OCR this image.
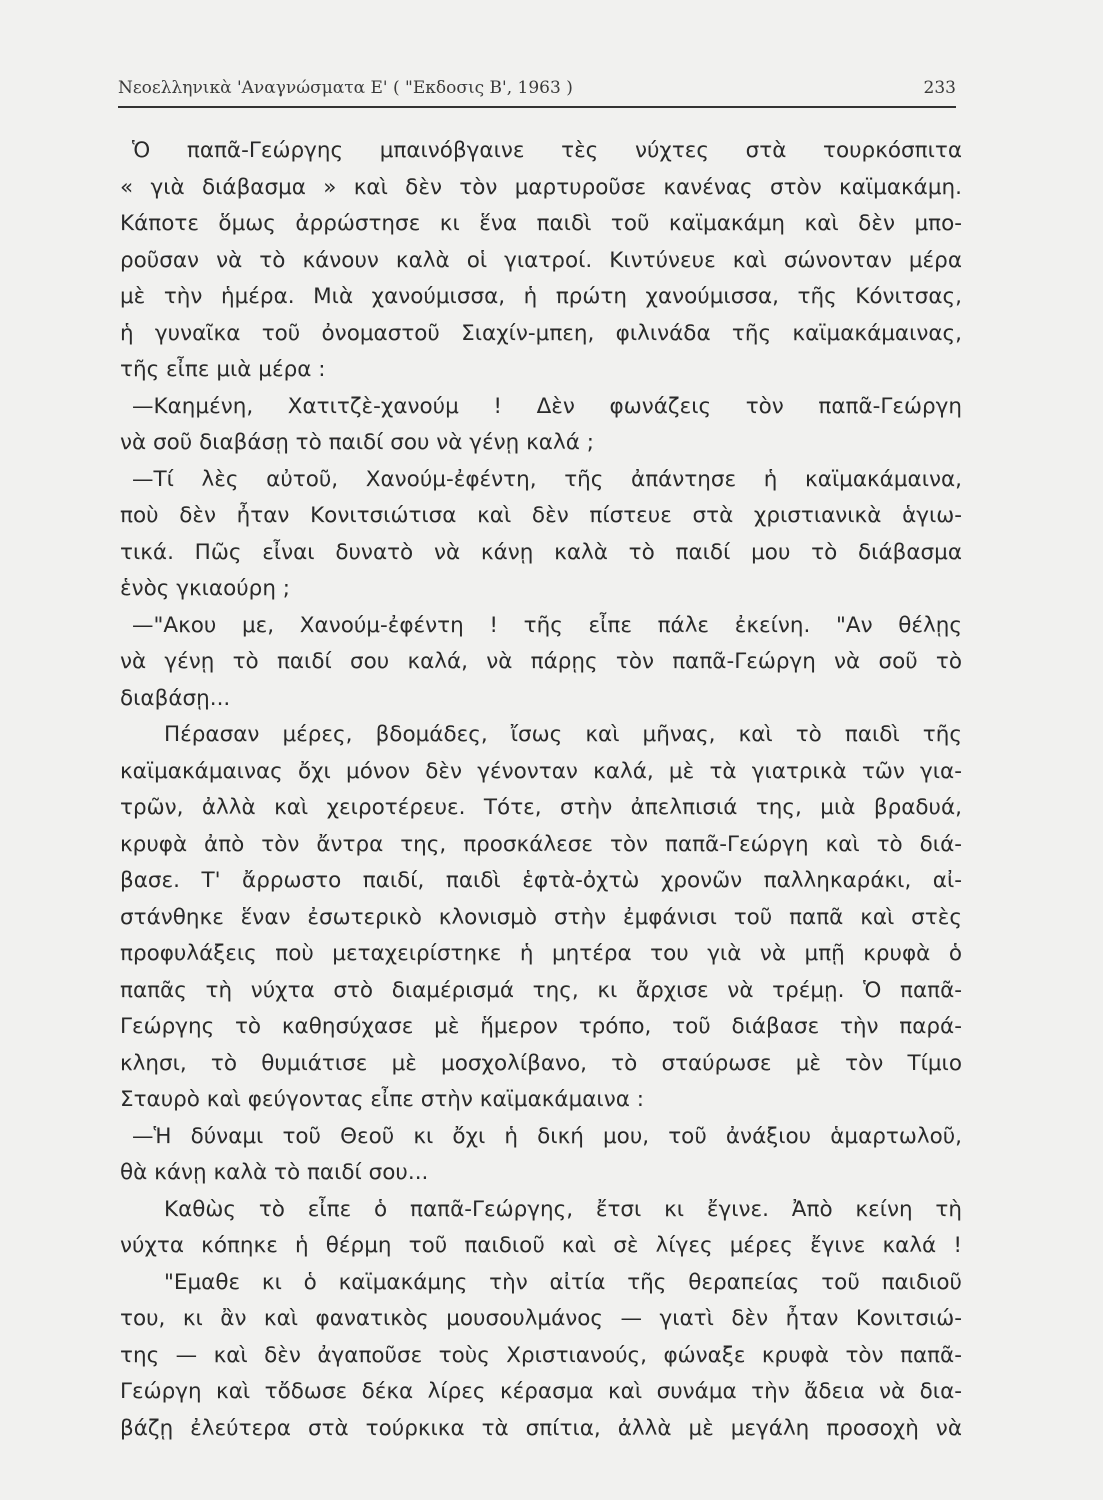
Νεοελληνικὰ 'Αναγνώσματα Ε' ( "Εκδοσις Β', 1963 )	233
Ὁ παπᾶ-Γεώργης μπαινόβγαινε τὲς νύχτες στὰ τουρκόσπιτα
« γιὰ διάβασμα » καὶ δὲν τὸν μαρτυροῦσε κανένας στὸν καϊμακάμη.
Κάποτε ὅμως ἀρρώστησε κι ἕνα παιδὶ τοῦ καϊμακάμη καὶ δὲν μπο-
ροῦσαν νὰ τὸ κάνουν καλὰ οἱ γιατροί. Κιντύνευε καὶ σώνονταν μέρα
μὲ τὴν ἡμέρα. Μιὰ χανούμισσα, ἡ πρώτη χανούμισσα, τῆς Κόνιτσας,
ἡ γυναῖκα τοῦ ὀνομαστοῦ Σιαχίν-μπεη, φιλινάδα τῆς καϊμακάμαινας,
τῆς εἶπε μιὰ μέρα :
—Καημένη, Χατιτζὲ-χανούμ ! Δὲν φωνάζεις τὸν παπᾶ-Γεώργη
νὰ σοῦ διαβάσῃ τὸ παιδί σου νὰ γένῃ καλά ;
—Τί λὲς αὐτοῦ, Χανούμ-ἐφέντη, τῆς ἀπάντησε ἡ καϊμακάμαινα,
ποὺ δὲν ἦταν Κονιτσιώτισα καὶ δὲν πίστευε στὰ χριστιανικὰ ἁγιω-
τικά. Πῶς εἶναι δυνατὸ νὰ κάνῃ καλὰ τὸ παιδί μου τὸ διάβασμα
ἑνὸς γκιαούρη ;
—"Ακου με, Χανούμ-ἐφέντη ! τῆς εἶπε πάλε ἐκείνη. "Αν θέλῃς
νὰ γένῃ τὸ παιδί σου καλά, νὰ πάρῃς τὸν παπᾶ-Γεώργη νὰ σοῦ τὸ
διαβάσῃ...
Πέρασαν μέρες, βδομάδες, ἴσως καὶ μῆνας, καὶ τὸ παιδὶ τῆς
καϊμακάμαινας ὄχι μόνον δὲν γένονταν καλά, μὲ τὰ γιατρικὰ τῶν για-
τρῶν, ἀλλὰ καὶ χειροτέρευε. Τότε, στὴν ἀπελπισιά της, μιὰ βραδυά,
κρυφὰ ἀπὸ τὸν ἄντρα της, προσκάλεσε τὸν παπᾶ-Γεώργη καὶ τὸ διά-
βασε. Τ' ἄρρωστο παιδί, παιδὶ ἑφτὰ-ὀχτὼ χρονῶν παλληκαράκι, αἰ-
στάνθηκε ἕναν ἐσωτερικὸ κλονισμὸ στὴν ἐμφάνισι τοῦ παπᾶ καὶ στὲς
προφυλάξεις ποὺ μεταχειρίστηκε ἡ μητέρα του γιὰ νὰ μπῇ κρυφὰ ὁ
παπᾶς τὴ νύχτα στὸ διαμέρισμά της, κι ἄρχισε νὰ τρέμῃ. Ὁ παπᾶ-
Γεώργης τὸ καθησύχασε μὲ ἥμερον τρόπο, τοῦ διάβασε τὴν παρά-
κλησι, τὸ θυμιάτισε μὲ μοσχολίβανο, τὸ σταύρωσε μὲ τὸν Τίμιο
Σταυρὸ καὶ φεύγοντας εἶπε στὴν καϊμακάμαινα :
—Ἡ δύναμι τοῦ Θεοῦ κι ὄχι ἡ δική μου, τοῦ ἀνάξιου ἁμαρτωλοῦ,
θὰ κάνῃ καλὰ τὸ παιδί σου...
Καθὼς τὸ εἶπε ὁ παπᾶ-Γεώργης, ἔτσι κι ἔγινε. Ἀπὸ κείνη τὴ
νύχτα κόπηκε ἡ θέρμη τοῦ παιδιοῦ καὶ σὲ λίγες μέρες ἔγινε καλά !
"Εμαθε κι ὁ καϊμακάμης τὴν αἰτία τῆς θεραπείας τοῦ παιδιοῦ
του, κι ἂν καὶ φανατικὸς μουσουλμάνος — γιατὶ δὲν ἦταν Κονιτσιώ-
της — καὶ δὲν ἀγαποῦσε τοὺς Χριστιανούς, φώναξε κρυφὰ τὸν παπᾶ-
Γεώργη καὶ τὄδωσε δέκα λίρες κέρασμα καὶ συνάμα τὴν ἄδεια νὰ δια-
βάζῃ ἐλεύτερα στὰ τούρκικα τὰ σπίτια, ἀλλὰ μὲ μεγάλη προσοχὴ νὰ
